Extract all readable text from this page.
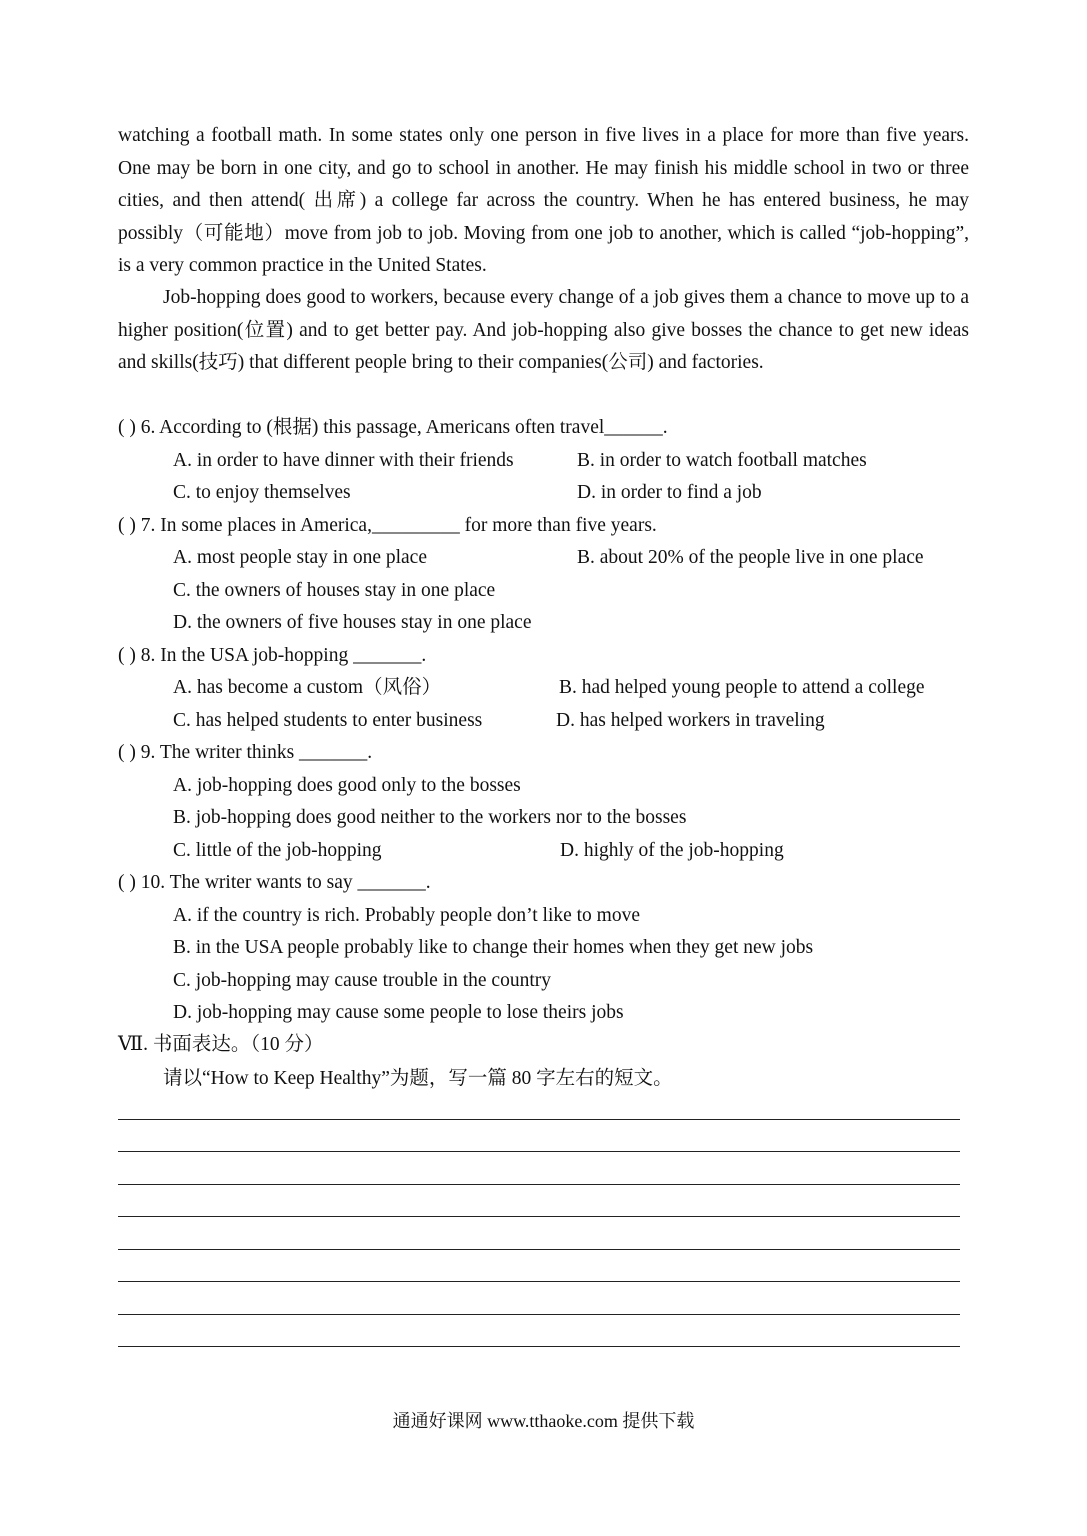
watching a football math. In some states only one person in five lives in a place for more than five years. One may be born in one city, and go to school in another. He may finish his middle school in two or three cities, and then attend( 出席) a college far across the country. When he has entered business, he may possibly（可能地）move from job to job. Moving from one job to another, which is called “job-hopping”, is a very common practice in the United States.

Job-hopping does good to workers, because every change of a job gives them a chance to move up to a higher position(位置) and to get better pay. And job-hopping also give bosses the chance to get new ideas and skills(技巧) that different people bring to their companies(公司) and factories.

( ) 6. According to (根据) this passage, Americans often travel______.
A. in order to have dinner with their friends	B. in order to watch football matches
C. to enjoy themselves	D. in order to find a job
( ) 7. In some places in America,_________ for more than five years.
A. most people stay in one place	B. about 20% of the people live in one place
C. the owners of houses stay in one place
D. the owners of five houses stay in one place
( ) 8. In the USA job-hopping _______.
A. has become a custom（风俗）	B. had helped young people to attend a college
C. has helped students to enter business	D. has helped workers in traveling
( ) 9. The writer thinks _______.
A. job-hopping does good only to the bosses
B. job-hopping does good neither to the workers nor to the bosses
C. little of the job-hopping	D. highly of the job-hopping
( ) 10. The writer wants to say _______.
A. if the country is rich. Probably people don’t like to move
B. in the USA people probably like to change their homes when they get new jobs
C. job-hopping may cause trouble in the country
D. job-hopping may cause some people to lose theirs jobs
Ⅶ. 书面表达。（10 分）
请以“How to Keep Healthy”为题，写一篇 80 字左右的短文。
通通好课网 www.tthaoke.com 提供下载
